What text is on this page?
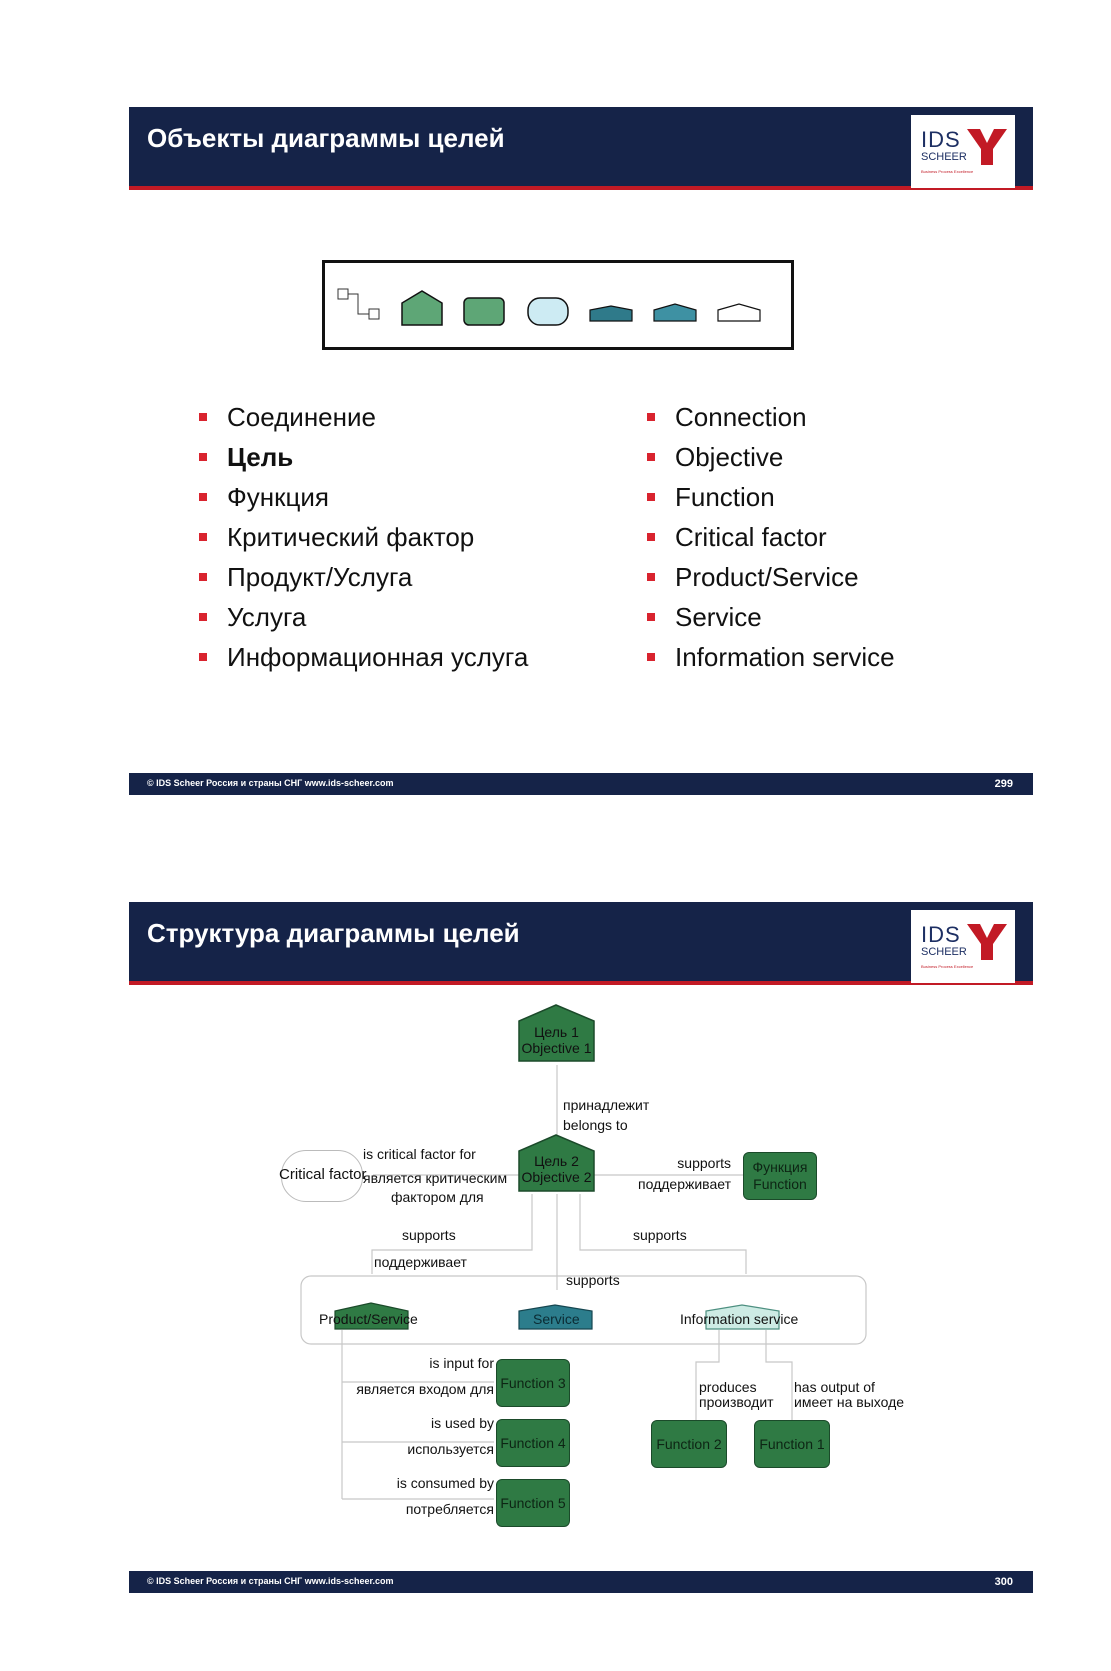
Объекты диаграммы целей	IDS
SCHEER
Business Process Excellence
Соединение
Цель
Функция
Критический фактор
Продукт/Услуга
Услуга
Информационная услуга
Connection
Objective
Function
Critical factor
Product/Service
Service
Information service
© IDS Scheer Россия и страны СНГ www.ids-scheer.com	299
Структура диаграммы целей	IDS
SCHEER
Business Process Excellence
Цель 1
Objective 1
принадлежит
belongs to
Цель 2
Objective 2
Critical factor
is critical factor for
является критическим
фактором для
supports
поддерживает
Функция
Function
supports
поддерживает
supports
supports
Product/Service	Service	Information service
is input for
является входом для Function 3
is used by
используется Function 4
is consumed by
потребляется Function 5
produces
производит
has output of
имеет на выходе
Function 2	Function 1
© IDS Scheer Россия и страны СНГ www.ids-scheer.com	300
